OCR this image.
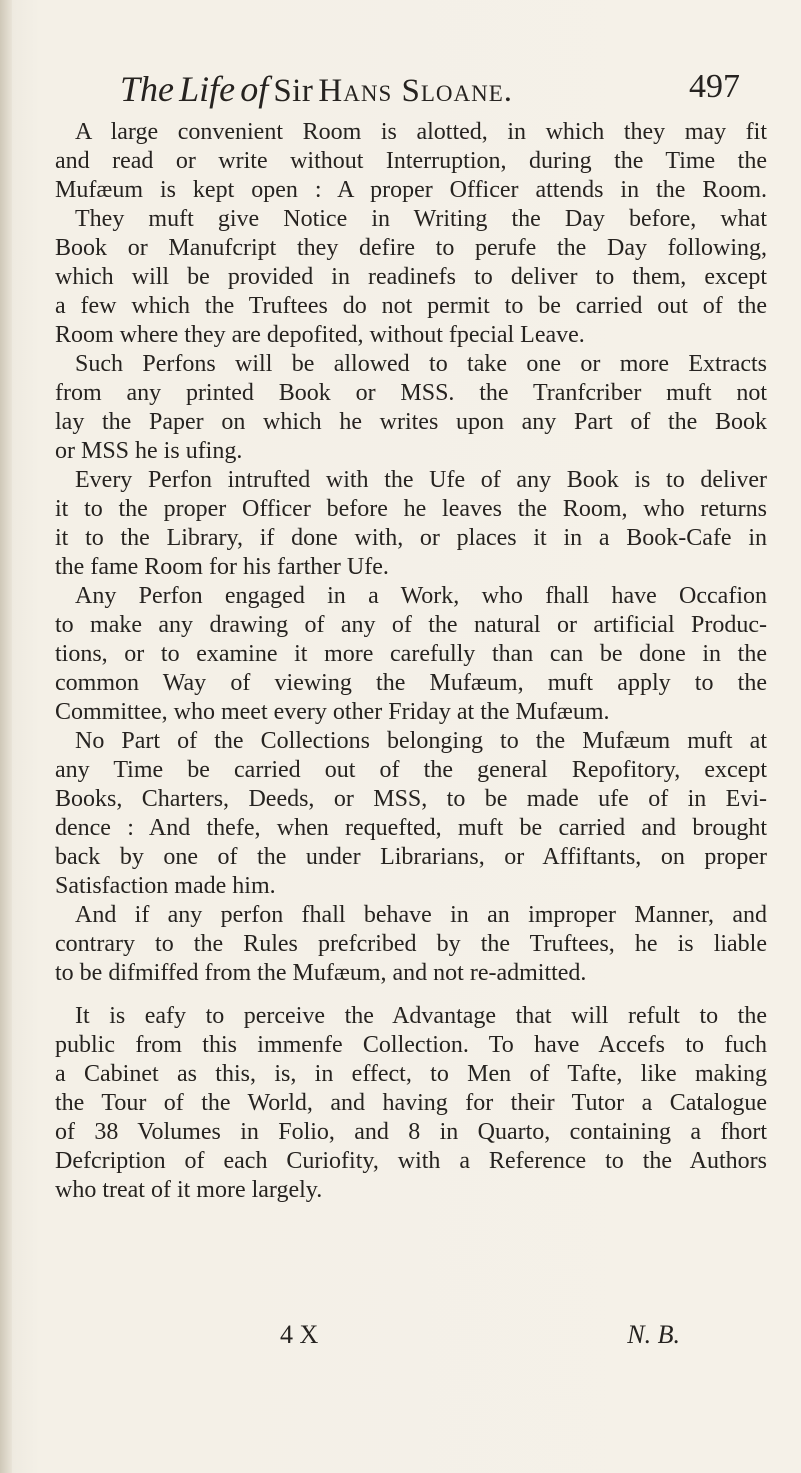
The Life of Sir Hans Sloane.	497
A large convenient Room is alotted, in which they may fit
and read or write without Interruption, during the Time the
Mufæum is kept open : A proper Officer attends in the Room.
They muft give Notice in Writing the Day before, what
Book or Manufcript they defire to perufe the Day following,
which will be provided in readinefs to deliver to them, except
a few which the Truftees do not permit to be carried out of the
Room where they are depofited, without fpecial Leave.
Such Perfons will be allowed to take one or more Extracts
from any printed Book or MSS. the Tranfcriber muft not
lay the Paper on which he writes upon any Part of the Book
or MSS he is ufing.
Every Perfon intrufted with the Ufe of any Book is to deliver
it to the proper Officer before he leaves the Room, who returns
it to the Library, if done with, or places it in a Book-Cafe in
the fame Room for his farther Ufe.
Any Perfon engaged in a Work, who fhall have Occafion
to make any drawing of any of the natural or artificial Produc-
tions, or to examine it more carefully than can be done in the
common Way of viewing the Mufæum, muft apply to the
Committee, who meet every other Friday at the Mufæum.
No Part of the Collections belonging to the Mufæum muft at
any Time be carried out of the general Repofitory, except
Books, Charters, Deeds, or MSS, to be made ufe of in Evi-
dence : And thefe, when requefted, muft be carried and brought
back by one of the under Librarians, or Affiftants, on proper
Satisfaction made him.
And if any perfon fhall behave in an improper Manner, and
contrary to the Rules prefcribed by the Truftees, he is liable
to be difmiffed from the Mufæum, and not re-admitted.
It is eafy to perceive the Advantage that will refult to the
public from this immenfe Collection. To have Accefs to fuch
a Cabinet as this, is, in effect, to Men of Tafte, like making
the Tour of the World, and having for their Tutor a Catalogue
of 38 Volumes in Folio, and 8 in Quarto, containing a fhort
Defcription of each Curiofity, with a Reference to the Authors
who treat of it more largely.
4 X	N. B.
